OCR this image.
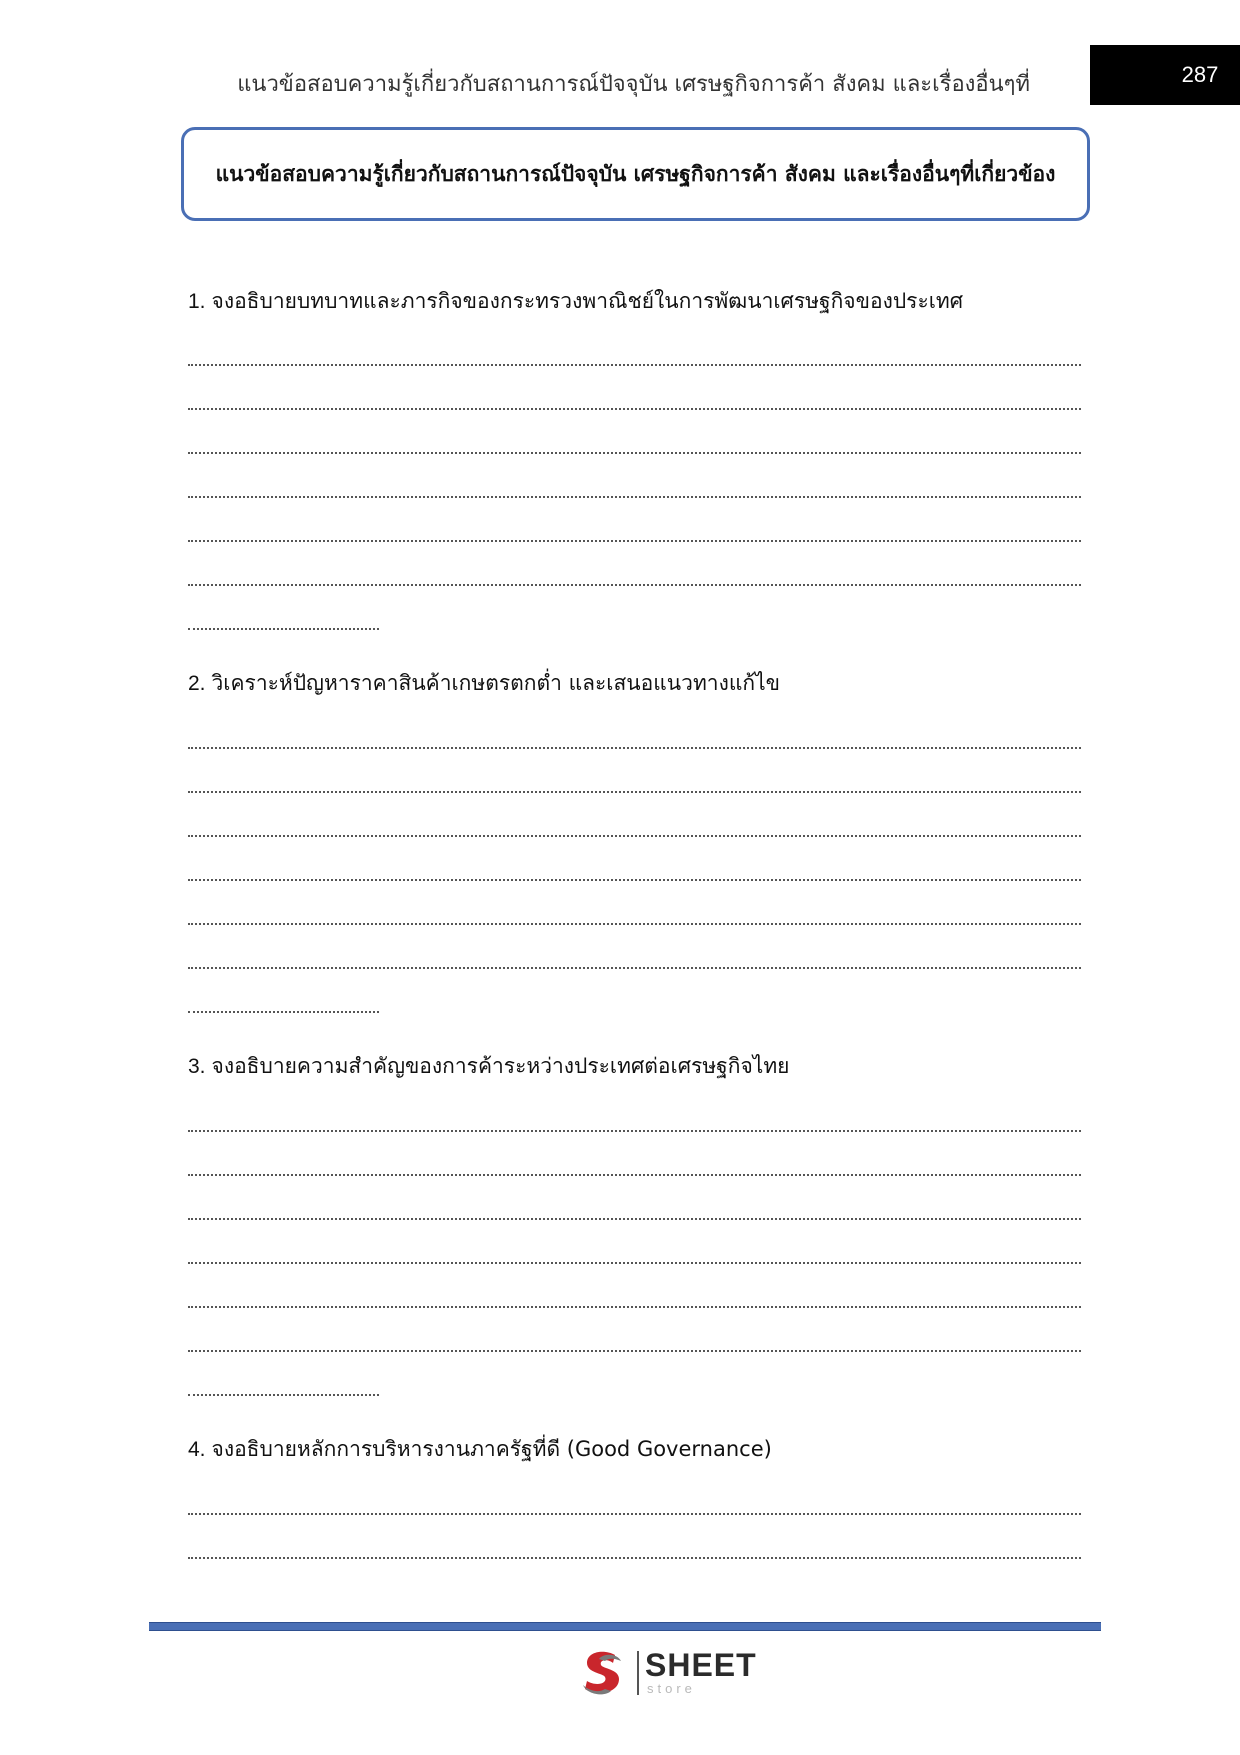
แนวข้อสอบความรู้เกี่ยวกับสถานการณ์ปัจจุบัน เศรษฐกิจการค้า สังคม และเรื่องอื่นๆที่	287
แนวข้อสอบความรู้เกี่ยวกับสถานการณ์ปัจจุบัน เศรษฐกิจการค้า สังคม และเรื่องอื่นๆที่เกี่ยวข้อง
1. จงอธิบายบทบาทและภารกิจของกระทรวงพาณิชย์ในการพัฒนาเศรษฐกิจของประเทศ
2. วิเคราะห์ปัญหาราคาสินค้าเกษตรตกต่ำ และเสนอแนวทางแก้ไข
3. จงอธิบายความสำคัญของการค้าระหว่างประเทศต่อเศรษฐกิจไทย
4. จงอธิบายหลักการบริหารงานภาครัฐที่ดี (Good Governance)
SHEET
store
